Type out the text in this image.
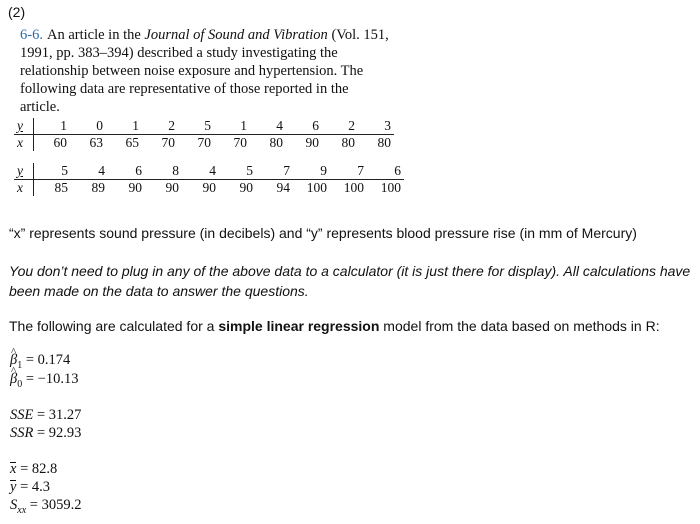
(2)
6-6. An article in the Journal of Sound and Vibration (Vol. 151, 1991, pp. 383–394) described a study investigating the relationship between noise exposure and hypertension. The following data are representative of those reported in the article.
y	1	0	1	2	5	1	4	6	2	3
x	60	63	65	70	70	70	80	90	80	80
y	5	4	6	8	4	5	7	9	7	6
x	85	89	90	90	90	90	94	100	100	100
“x” represents sound pressure (in decibels) and “y” represents blood pressure rise (in mm of Mercury)
You don’t need to plug in any of the above data to a calculator (it is just there for display). All calculations have been made on the data to answer the questions.
The following are calculated for a simple linear regression model from the data based on methods in R:
^ $\beta_1 = 0.174$
^ $\beta_0 = -10.13$
SSE = 31.27
SSR = 92.93
x = 82.8
y = 4.3
$S_{xx} = 3059.2$
